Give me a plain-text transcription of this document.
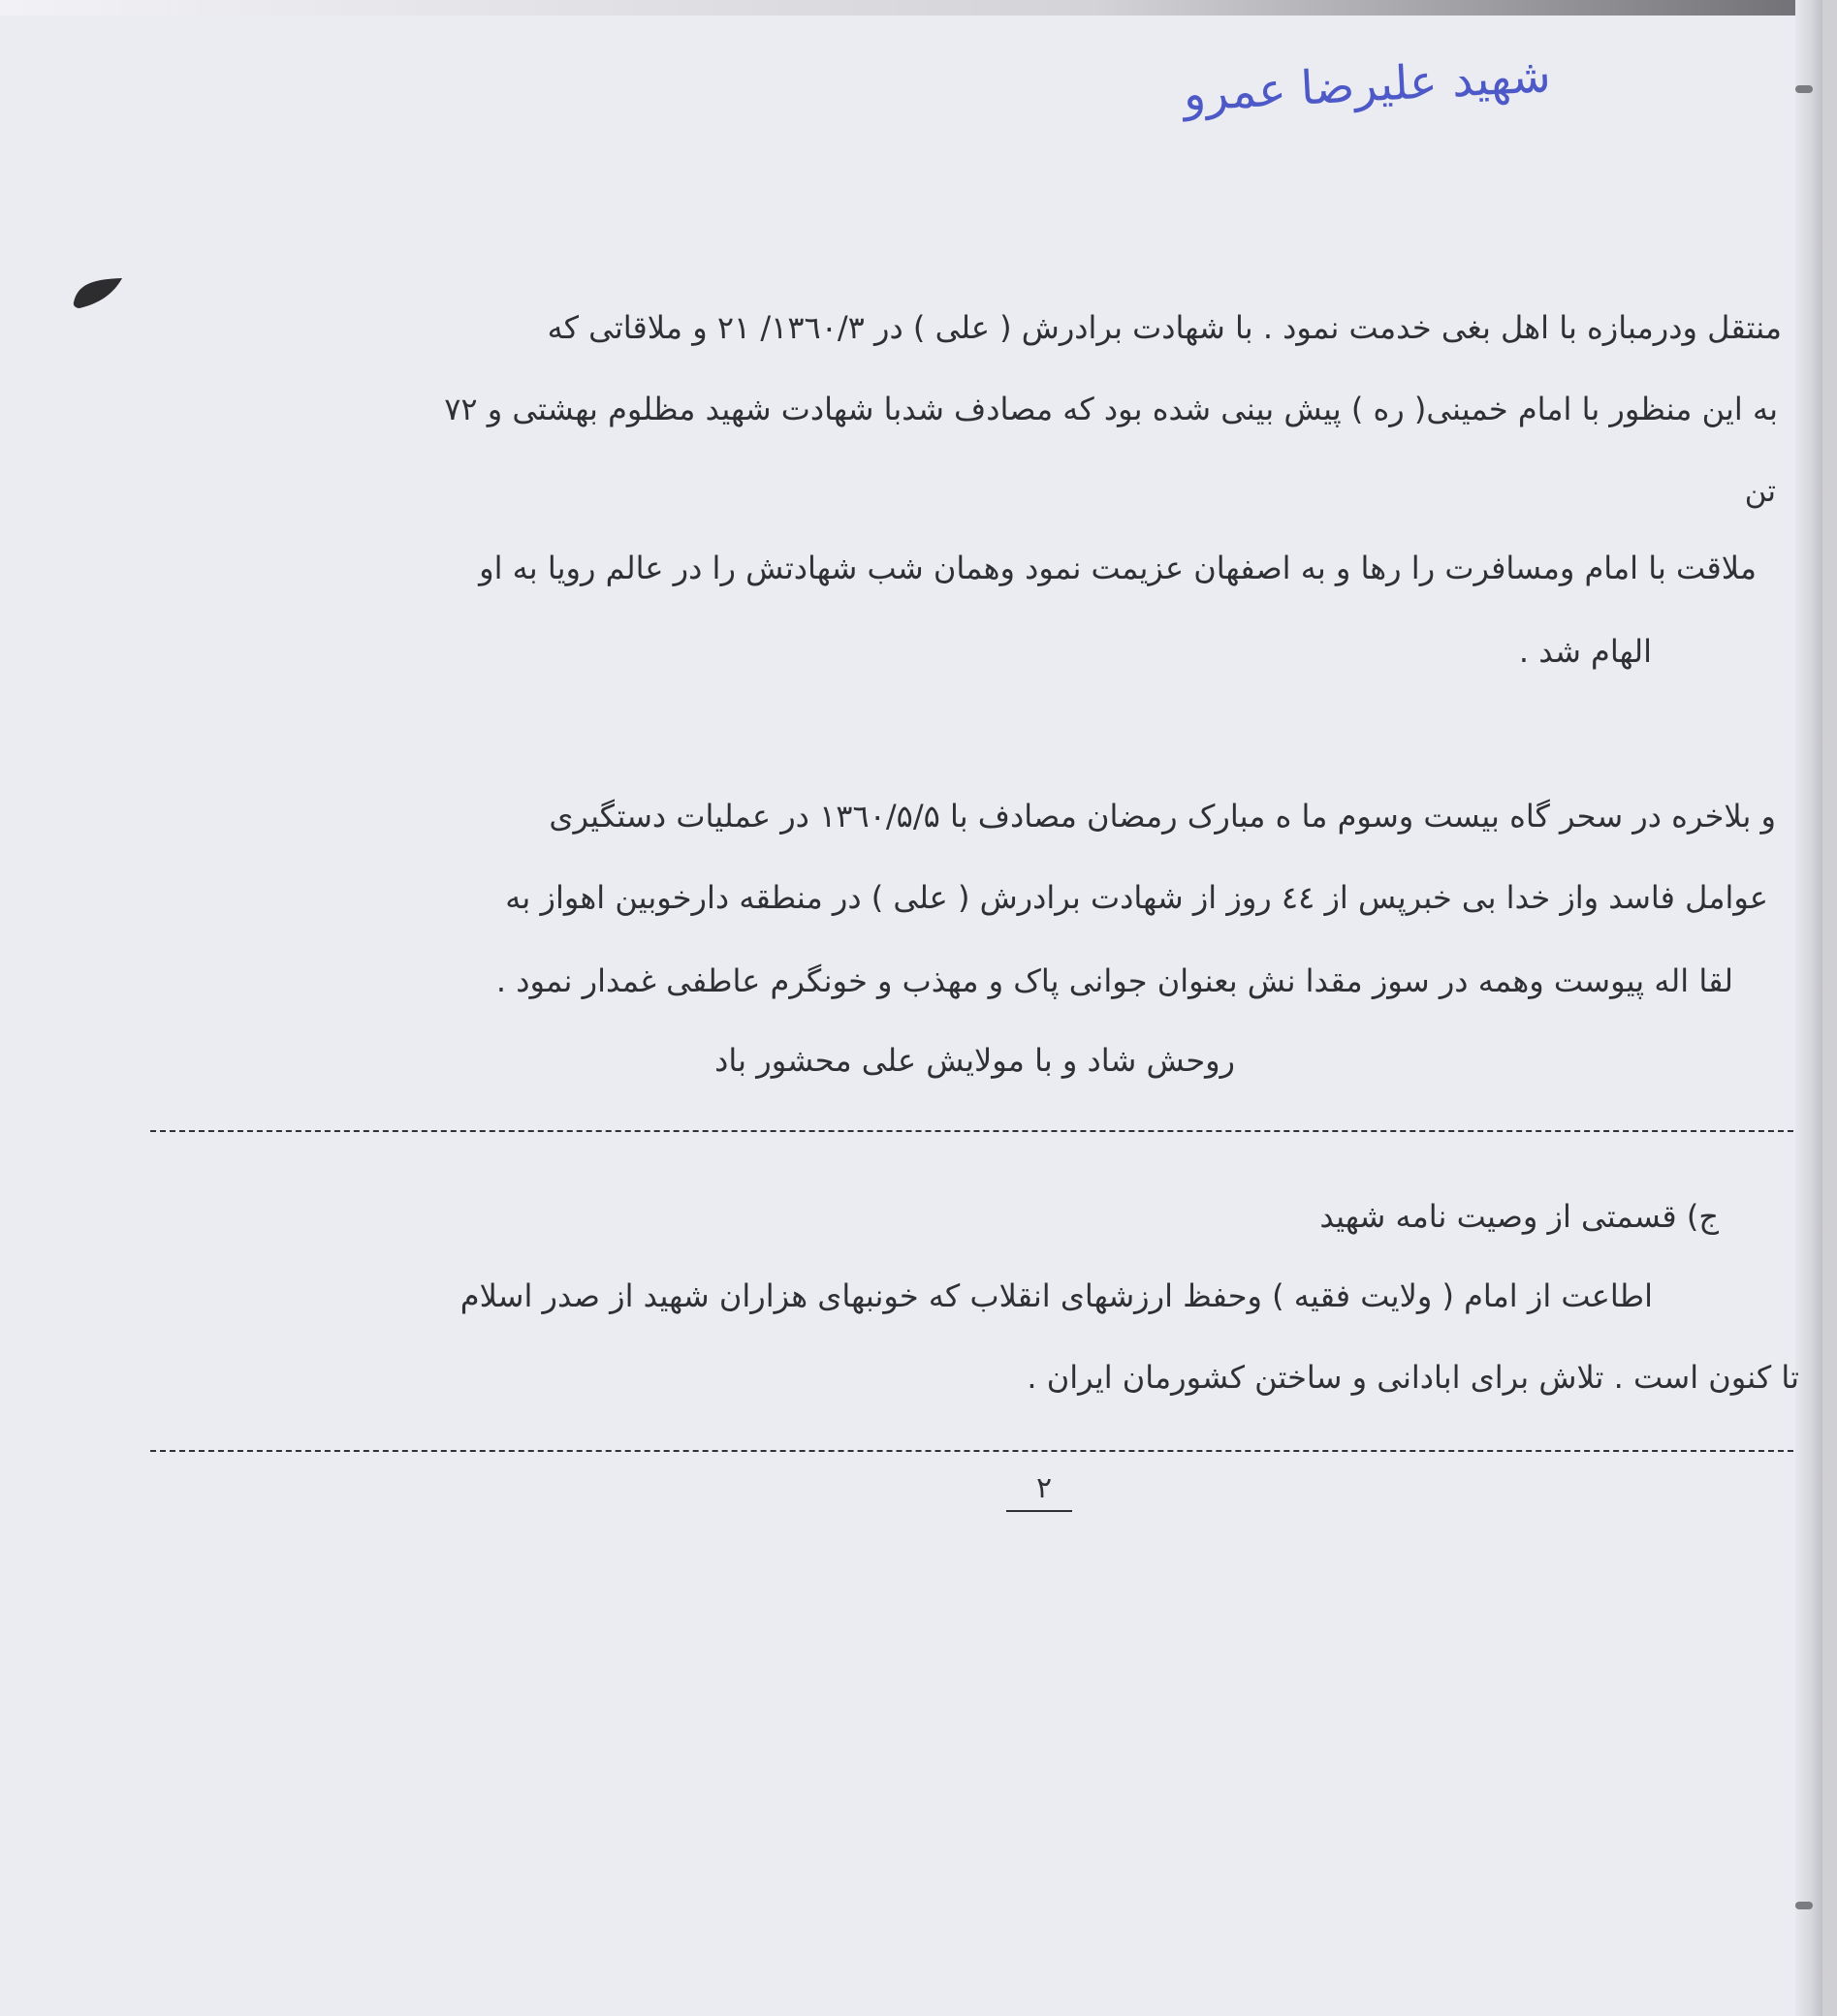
شهید علیرضا عمرو
منتقل ودرمبازه با اهل بغی خدمت نمود . با شهادت برادرش ( علی ) در ۱۳٦۰/۳/ ۲۱ و ملاقاتی که
به این منظور با امام خمینی( ره ) پیش بینی شده بود که مصادف شدبا شهادت شهید مظلوم بهشتی و ۷۲
تن
ملاقت با امام ومسافرت را رها و به اصفهان عزیمت نمود وهمان شب شهادتش را در عالم رویا به او
الهام شد .
و بلاخره در سحر گاه بیست وسوم ما ه مبارک رمضان مصادف با ۱۳٦۰/۵/۵ در عملیات دستگیری
عوامل فاسد واز خدا بی خبرپس از ٤٤ روز از شهادت برادرش ( علی ) در منطقه دارخوبین اهواز به
لقا اله پیوست وهمه در سوز مقدا نش بعنوان جوانی پاک و مهذب و خونگرم عاطفی غمدار نمود .
روحش شاد و با مولایش علی محشور باد
ج) قسمتی از وصیت نامه شهید
اطاعت از امام ( ولایت فقیه ) وحفظ ارزشهای انقلاب که خونبهای هزاران شهید از صدر اسلام
تا کنون است . تلاش برای ابادانی و ساختن کشورمان ایران .
۲
